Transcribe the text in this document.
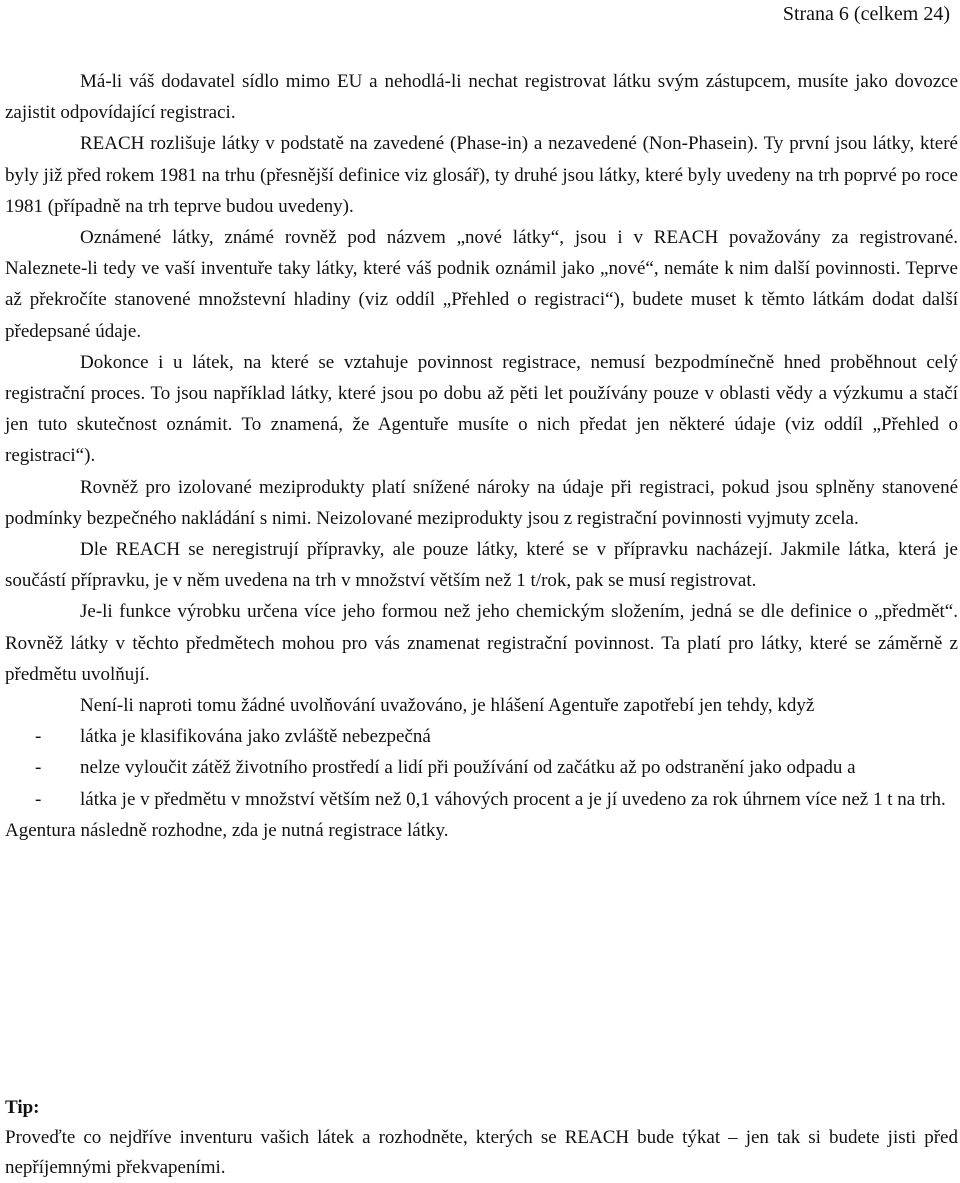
Strana 6 (celkem 24)

Má-li váš dodavatel sídlo mimo EU a nehodlá-li nechat registrovat látku svým zástupcem, musíte jako dovozce zajistit odpovídající registraci.

REACH rozlišuje látky v podstatě na zavedené (Phase-in) a nezavedené (Non-Phasein). Ty první jsou látky, které byly již před rokem 1981 na trhu (přesnější definice viz glosář), ty druhé jsou látky, které byly uvedeny na trh poprvé po roce 1981 (případně na trh teprve budou uvedeny).

Oznámené látky, známé rovněž pod názvem „nové látky“, jsou i v REACH považovány za registrované. Naleznete-li tedy ve vaší inventuře taky látky, které váš podnik oznámil jako „nové“, nemáte k nim další povinnosti. Teprve až překročíte stanovené množstevní hladiny (viz oddíl „Přehled o registraci“), budete muset k těmto látkám dodat další předepsané údaje.

Dokonce i u látek, na které se vztahuje povinnost registrace, nemusí bezpodmínečně hned proběhnout celý registrační proces. To jsou například látky, které jsou po dobu až pěti let používány pouze v oblasti vědy a výzkumu a stačí jen tuto skutečnost oznámit. To znamená, že Agentuře musíte o nich předat jen některé údaje (viz oddíl „Přehled o registraci“).

Rovněž pro izolované meziprodukty platí snížené nároky na údaje při registraci, pokud jsou splněny stanovené podmínky bezpečného nakládání s nimi. Neizolované meziprodukty jsou z registrační povinnosti vyjmuty zcela.

Dle REACH se neregistrují přípravky, ale pouze látky, které se v přípravku nacházejí. Jakmile látka, která je součástí přípravku, je v něm uvedena na trh v množství větším než 1 t/rok, pak se musí registrovat.

Je-li funkce výrobku určena více jeho formou než jeho chemickým složením, jedná se dle definice o „předmět“. Rovněž látky v těchto předmětech mohou pro vás znamenat registrační povinnost. Ta platí pro látky, které se záměrně z předmětu uvolňují.

Není-li naproti tomu žádné uvolňování uvažováno, je hlášení Agentuře zapotřebí jen tehdy, když

- látka je klasifikována jako zvláště nebezpečná
- nelze vyloučit zátěž životního prostředí a lidí při používání od začátku až po odstranění jako odpadu a
- látka je v předmětu v množství větším než 0,1 váhových procent a je jí uvedeno za rok úhrnem více než 1 t na trh.

Agentura následně rozhodne, zda je nutná registrace látky.

Tip:
Proveďte co nejdříve inventuru vašich látek a rozhodněte, kterých se REACH bude týkat – jen tak si budete jisti před nepříjemnými překvapeními.
